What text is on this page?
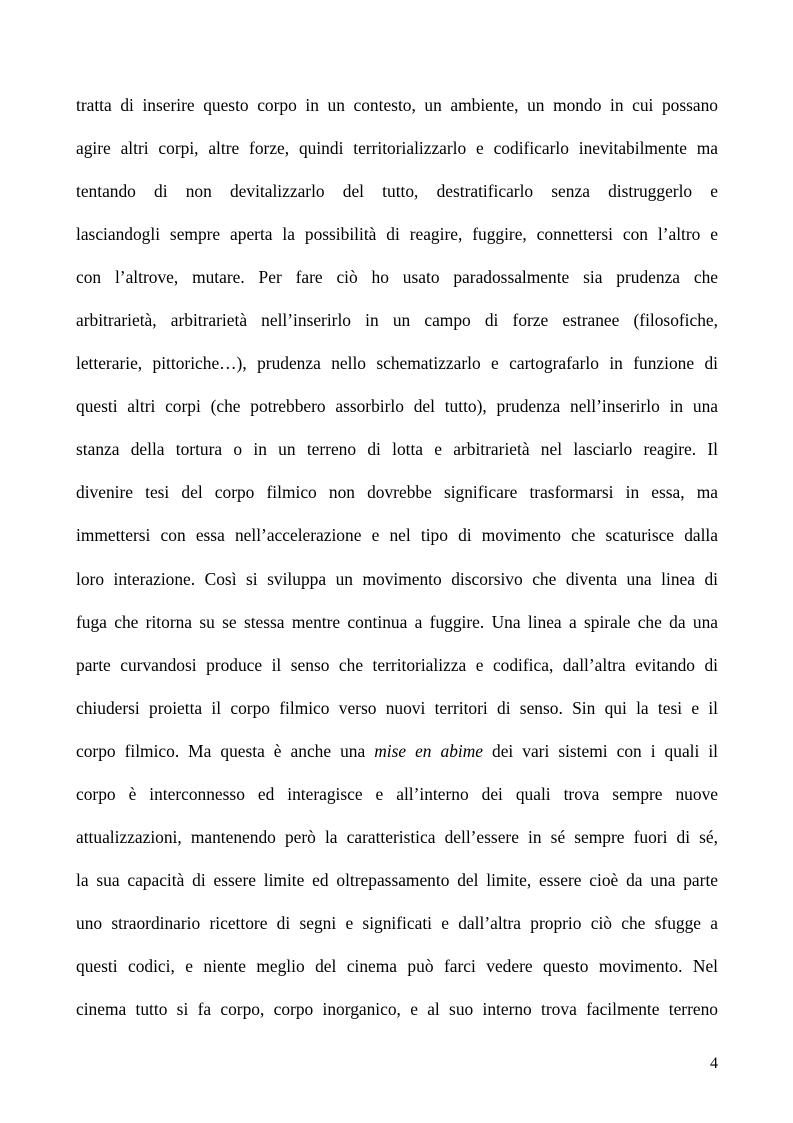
tratta di inserire questo corpo in un contesto, un ambiente, un mondo in cui possano
agire altri corpi, altre forze, quindi territorializzarlo e codificarlo inevitabilmente ma
tentando di non devitalizzarlo del tutto, destratificarlo senza distruggerlo e
lasciandogli sempre aperta la possibilità di reagire, fuggire, connettersi con l’altro e
con l’altrove, mutare. Per fare ciò ho usato paradossalmente sia prudenza che
arbitrarietà, arbitrarietà nell’inserirlo in un campo di forze estranee (filosofiche,
letterarie, pittoriche…), prudenza nello schematizzarlo e cartografarlo in funzione di
questi altri corpi (che potrebbero assorbirlo del tutto), prudenza nell’inserirlo in una
stanza della tortura o in un terreno di lotta e arbitrarietà nel lasciarlo reagire. Il
divenire tesi del corpo filmico non dovrebbe significare trasformarsi in essa, ma
immettersi con essa nell’accelerazione e nel tipo di movimento che scaturisce dalla
loro interazione. Così si sviluppa un movimento discorsivo che diventa una linea di
fuga che ritorna su se stessa mentre continua a fuggire. Una linea a spirale che da una
parte curvandosi produce il senso che territorializza e codifica, dall’altra evitando di
chiudersi proietta il corpo filmico verso nuovi territori di senso. Sin qui la tesi e il
corpo filmico. Ma questa è anche una mise en abime dei vari sistemi con i quali il
corpo è interconnesso ed interagisce e all’interno dei quali trova sempre nuove
attualizzazioni, mantenendo però la caratteristica dell’essere in sé sempre fuori di sé,
la sua capacità di essere limite ed oltrepassamento del limite, essere cioè da una parte
uno straordinario ricettore di segni e significati e dall’altra proprio ciò che sfugge a
questi codici, e niente meglio del cinema può farci vedere questo movimento. Nel
cinema tutto si fa corpo, corpo inorganico, e al suo interno trova facilmente terreno
4
